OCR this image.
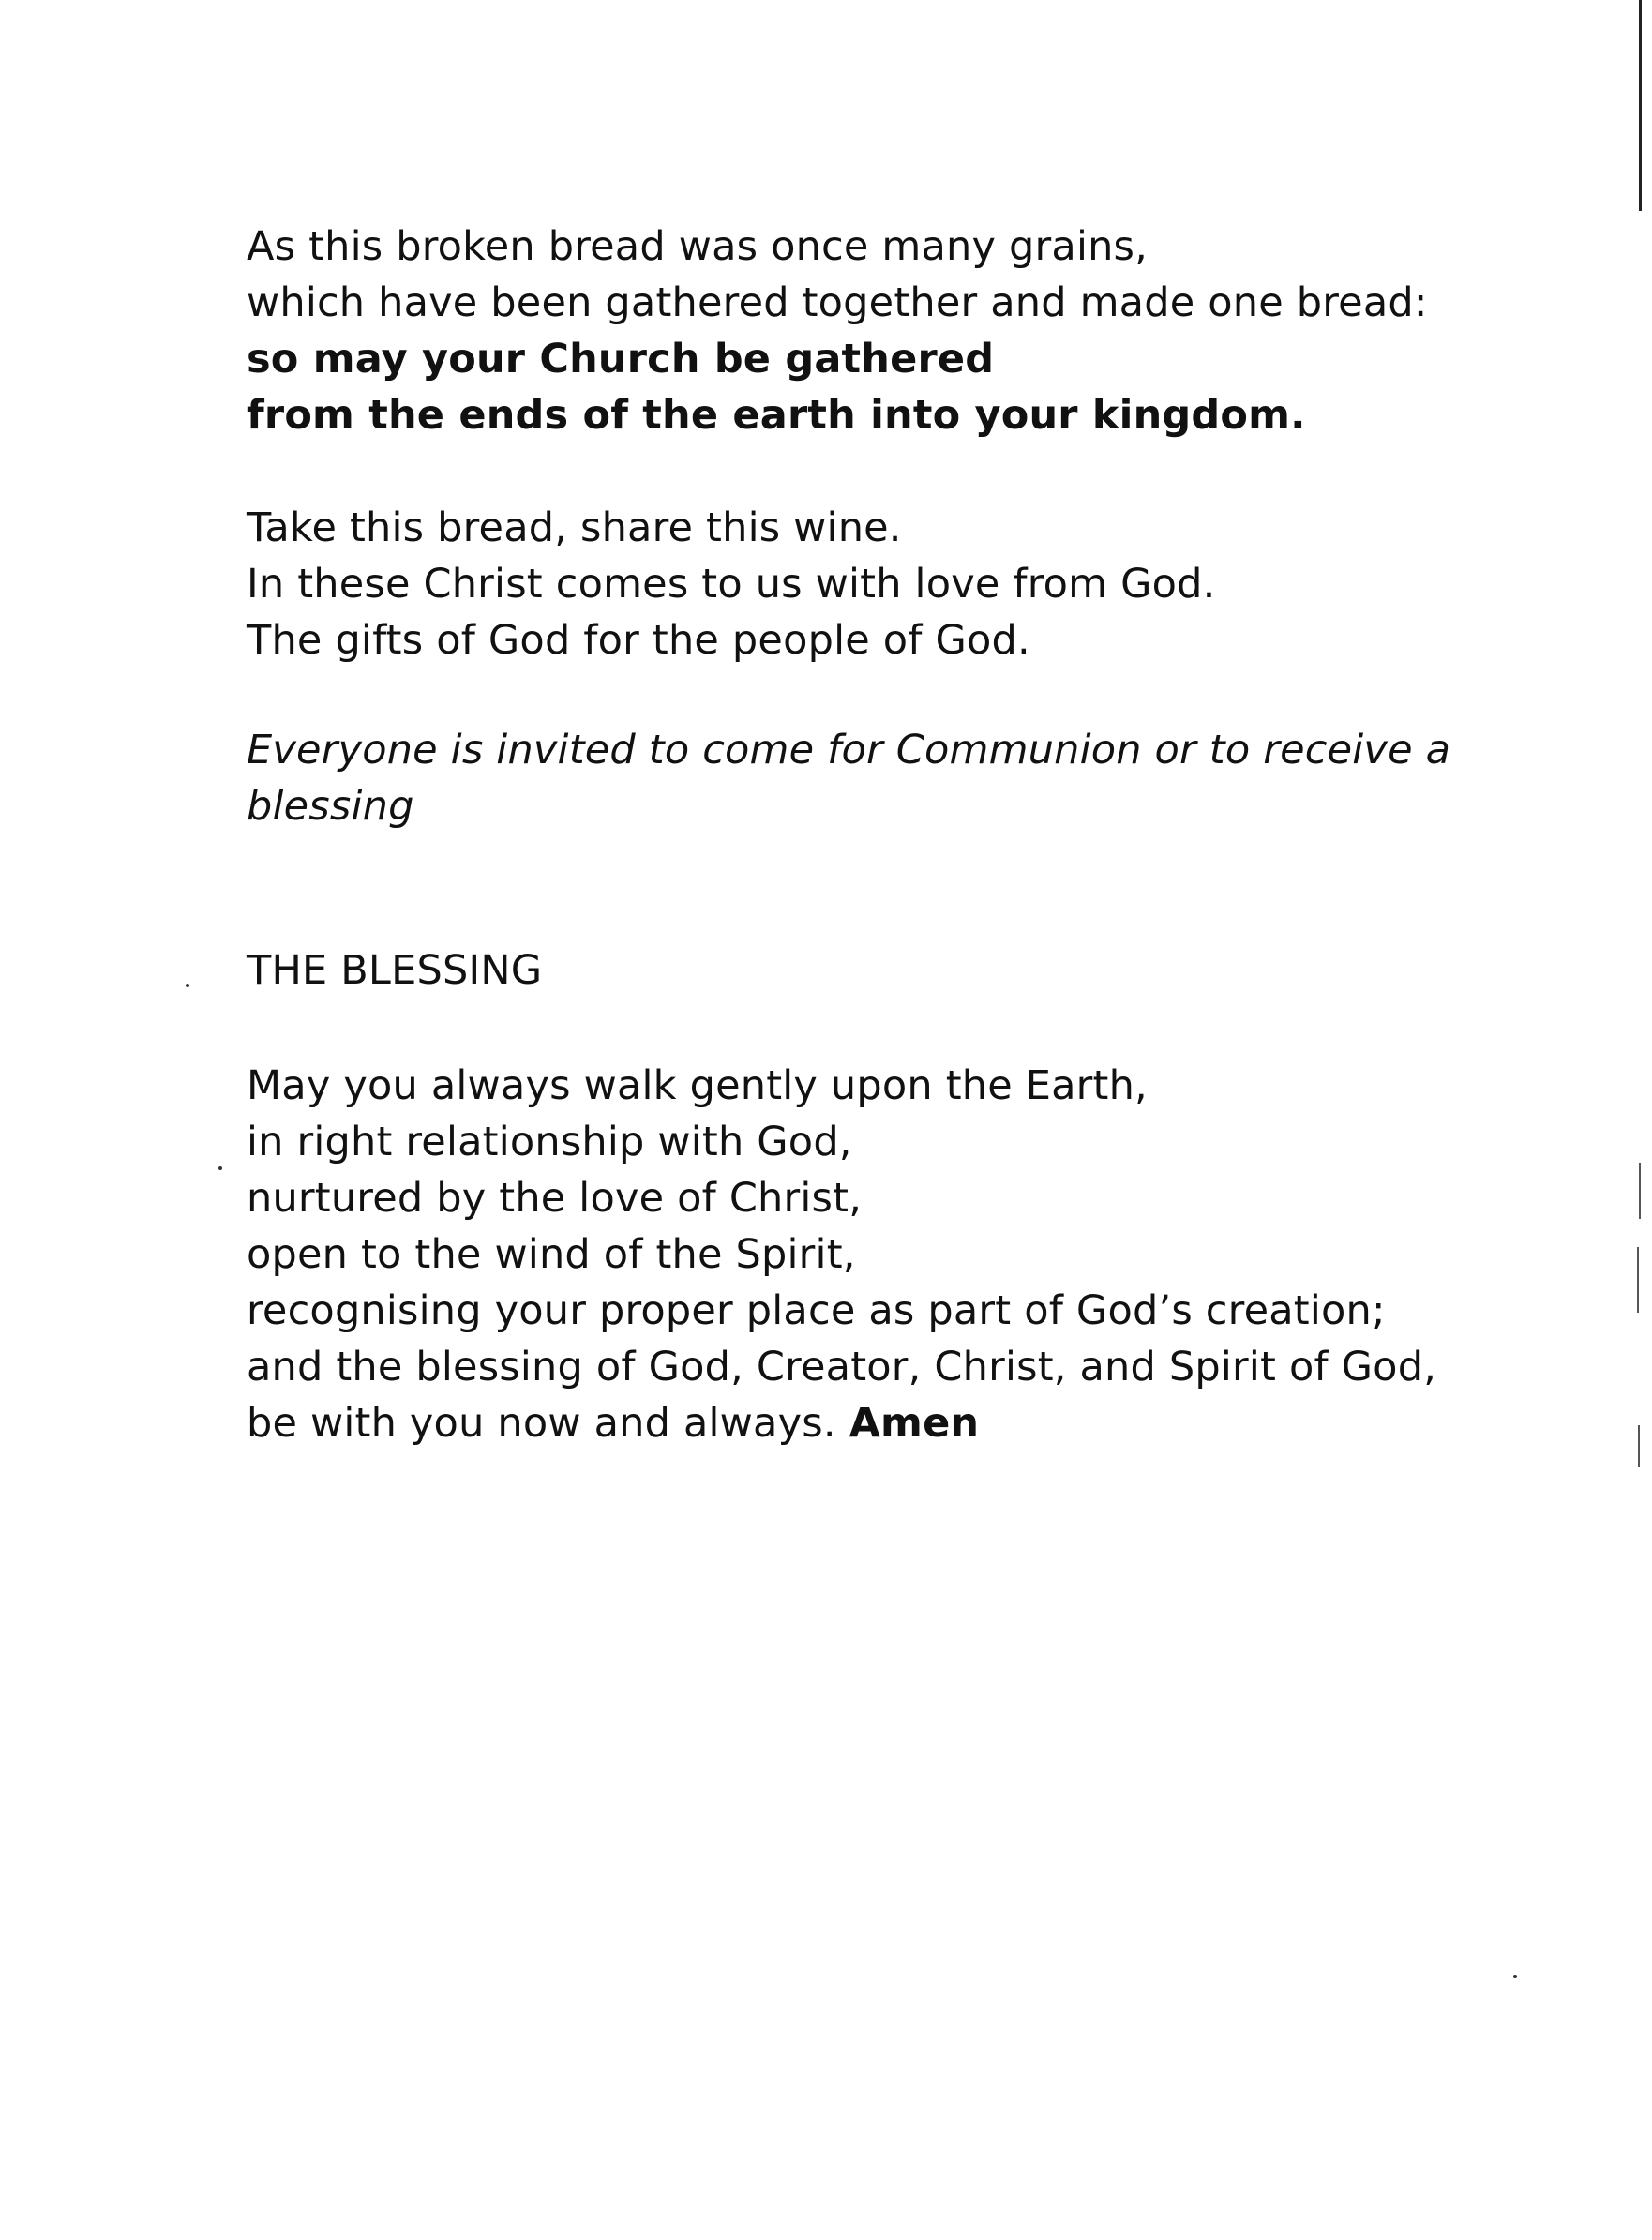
As this broken bread was once many grains,
which have been gathered together and made one bread:
so may your Church be gathered
from the ends of the earth into your kingdom.
Take this bread, share this wine.
In these Christ comes to us with love from God.
The gifts of God for the people of God.
Everyone is invited to come for Communion or to receive a blessing
THE BLESSING
May you always walk gently upon the Earth,
in right relationship with God,
nurtured by the love of Christ,
open to the wind of the Spirit,
recognising your proper place as part of God’s creation;
and the blessing of God, Creator, Christ, and Spirit of God,
be with you now and always. Amen
